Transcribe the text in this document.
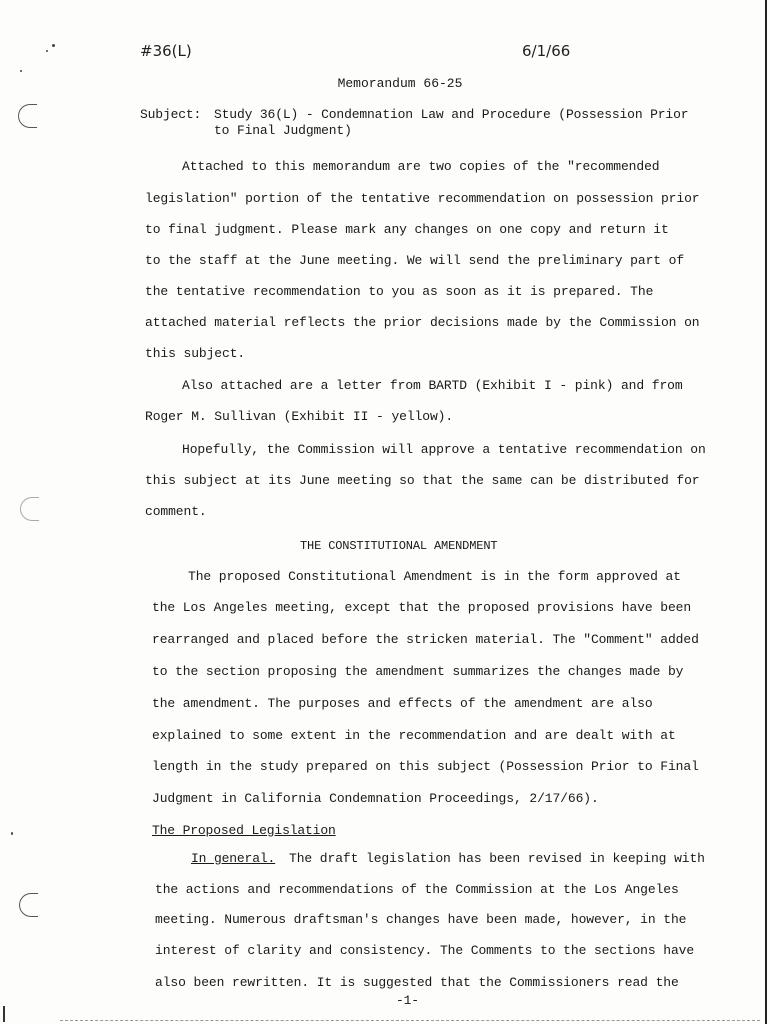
#36(L)	6/1/66
Memorandum 66-25
Subject: Study 36(L) - Condemnation Law and Procedure (Possession Prior
to Final Judgment)
Attached to this memorandum are two copies of the "recommended
legislation" portion of the tentative recommendation on possession prior
to final judgment. Please mark any changes on one copy and return it
to the staff at the June meeting. We will send the preliminary part of
the tentative recommendation to you as soon as it is prepared. The
attached material reflects the prior decisions made by the Commission on
this subject.
Also attached are a letter from BARTD (Exhibit I - pink) and from
Roger M. Sullivan (Exhibit II - yellow).
Hopefully, the Commission will approve a tentative recommendation on
this subject at its June meeting so that the same can be distributed for
comment.
THE CONSTITUTIONAL AMENDMENT
The proposed Constitutional Amendment is in the form approved at
the Los Angeles meeting, except that the proposed provisions have been
rearranged and placed before the stricken material. The "Comment" added
to the section proposing the amendment summarizes the changes made by
the amendment. The purposes and effects of the amendment are also
explained to some extent in the recommendation and are dealt with at
length in the study prepared on this subject (Possession Prior to Final
Judgment in California Condemnation Proceedings, 2/17/66).
The Proposed Legislation
In general. The draft legislation has been revised in keeping with
the actions and recommendations of the Commission at the Los Angeles
meeting. Numerous draftsman's changes have been made, however, in the
interest of clarity and consistency. The Comments to the sections have
also been rewritten. It is suggested that the Commissioners read the
-1-
